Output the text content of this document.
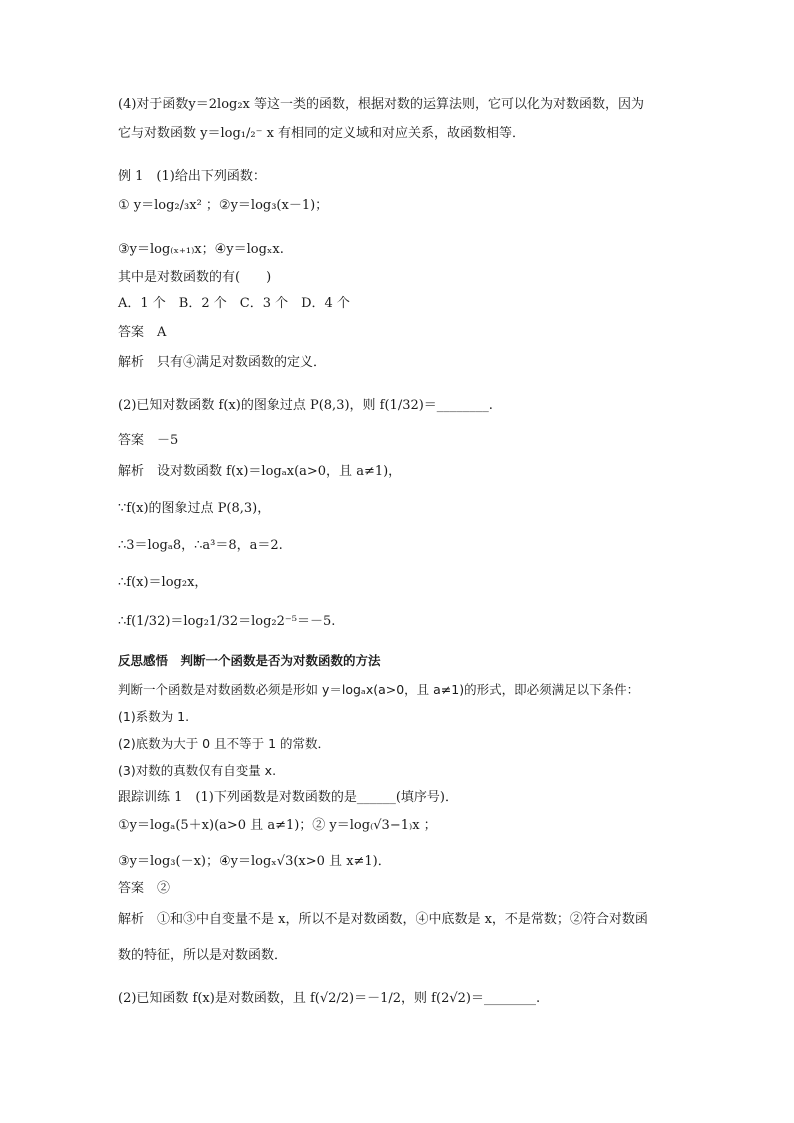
(4)对于函数y＝2log₂x 等这一类的函数，根据对数的运算法则，它可以化为对数函数，因为
它与对数函数 y＝log₁/₂⁻ x 有相同的定义域和对应关系，故函数相等．
例 1　(1)给出下列函数：
① y＝log₂/₃x² ；②y＝log₃(x－1)；
③y＝log₍ₓ₊₁₎x；④y＝logₓx.
其中是对数函数的有(　　)
A．1 个　B．2 个　C．3 个　D．4 个
答案　A
解析　只有④满足对数函数的定义．
(2)已知对数函数 f(x)的图象过点 P(8,3)，则 f(1/32)＝________.
答案　－5
解析　设对数函数 f(x)＝logₐx(a>0，且 a≠1)，
∵f(x)的图象过点 P(8,3)，
∴3＝logₐ8，∴a³＝8，a＝2.
∴f(x)＝log₂x，
∴f(1/32)＝log₂1/32＝log₂2⁻⁵＝－5.
反思感悟　判断一个函数是否为对数函数的方法
判断一个函数是对数函数必须是形如 y＝logₐx(a>0，且 a≠1)的形式，即必须满足以下条件：
(1)系数为 1.
(2)底数为大于 0 且不等于 1 的常数．
(3)对数的真数仅有自变量 x.
跟踪训练 1　(1)下列函数是对数函数的是______(填序号)．
①y＝logₐ(5＋x)(a>0 且 a≠1)；② y＝log₍√3−1₎x ；
③y＝log₃(－x)；④y＝logₓ√3(x>0 且 x≠1)．
答案　②
解析　①和③中自变量不是 x，所以不是对数函数，④中底数是 x，不是常数；②符合对数函
数的特征，所以是对数函数．
(2)已知函数 f(x)是对数函数，且 f(√2/2)＝－1/2，则 f(2√2)＝________.
